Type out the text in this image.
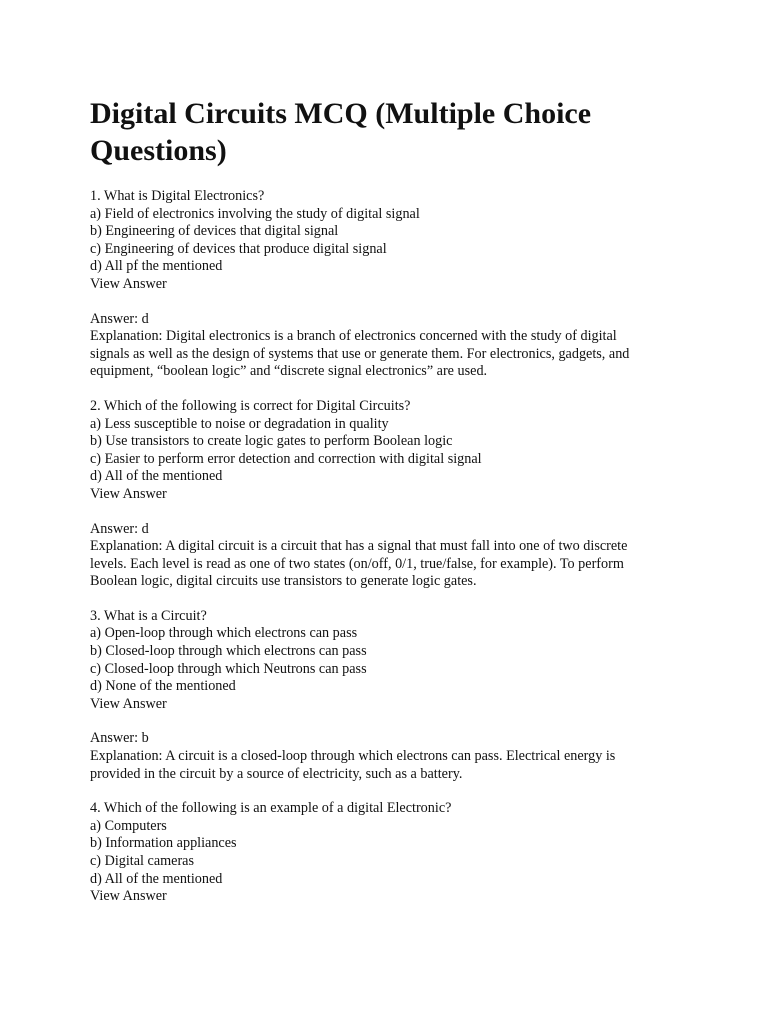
Digital Circuits MCQ (Multiple Choice
Questions)
1. What is Digital Electronics?
a) Field of electronics involving the study of digital signal
b) Engineering of devices that digital signal
c) Engineering of devices that produce digital signal
d) All pf the mentioned
View Answer
Answer: d
Explanation: Digital electronics is a branch of electronics concerned with the study of digital
signals as well as the design of systems that use or generate them. For electronics, gadgets, and
equipment, “boolean logic” and “discrete signal electronics” are used.
2. Which of the following is correct for Digital Circuits?
a) Less susceptible to noise or degradation in quality
b) Use transistors to create logic gates to perform Boolean logic
c) Easier to perform error detection and correction with digital signal
d) All of the mentioned
View Answer
Answer: d
Explanation: A digital circuit is a circuit that has a signal that must fall into one of two discrete
levels. Each level is read as one of two states (on/off, 0/1, true/false, for example). To perform
Boolean logic, digital circuits use transistors to generate logic gates.
3. What is a Circuit?
a) Open-loop through which electrons can pass
b) Closed-loop through which electrons can pass
c) Closed-loop through which Neutrons can pass
d) None of the mentioned
View Answer
Answer: b
Explanation: A circuit is a closed-loop through which electrons can pass. Electrical energy is
provided in the circuit by a source of electricity, such as a battery.
4. Which of the following is an example of a digital Electronic?
a) Computers
b) Information appliances
c) Digital cameras
d) All of the mentioned
View Answer
